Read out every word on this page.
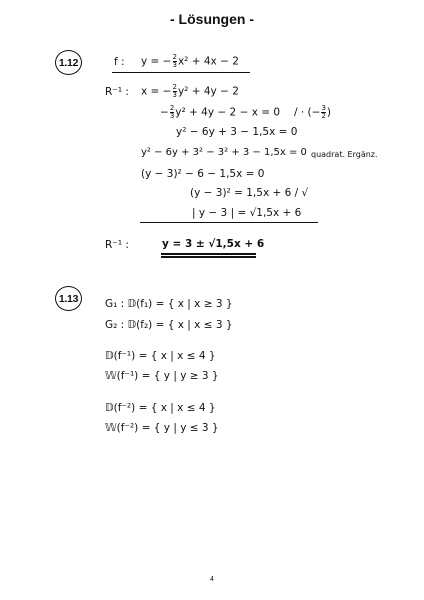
- Lösungen -
1.12	f : y = − $\frac{2}{3} x^2 + 4x - 2$
R⁻¹ : x = − $\frac{2}{3} y^2 + 4y - 2$
− $\frac{2}{3} y^2 + 4y - 2 - x = 0$ / · (− $\frac{3}{2}$ )
y² − 6y + 3 − 1,5x = 0
y² − 6y + 3² − 3² + 3 − 1,5x = 0 quadrat. Ergänz.
(y − 3)² − 6 − 1,5x = 0
(y − 3)² = 1,5x + 6 / √
| y − 3 | = √1,5x + 6
R⁻¹ :	y = 3 ± √1,5x + 6
1.13	G₁ : 𝔻(f₁) = { x | x ≥ 3 }
G₂ : 𝔻(f₂) = { x | x ≤ 3 }
𝔻(f⁻¹) = { x | x ≤ 4 }
𝕎(f⁻¹) = { y | y ≥ 3 }
𝔻(f⁻²) = { x | x ≤ 4 }
𝕎(f⁻²) = { y | y ≤ 3 }
4
